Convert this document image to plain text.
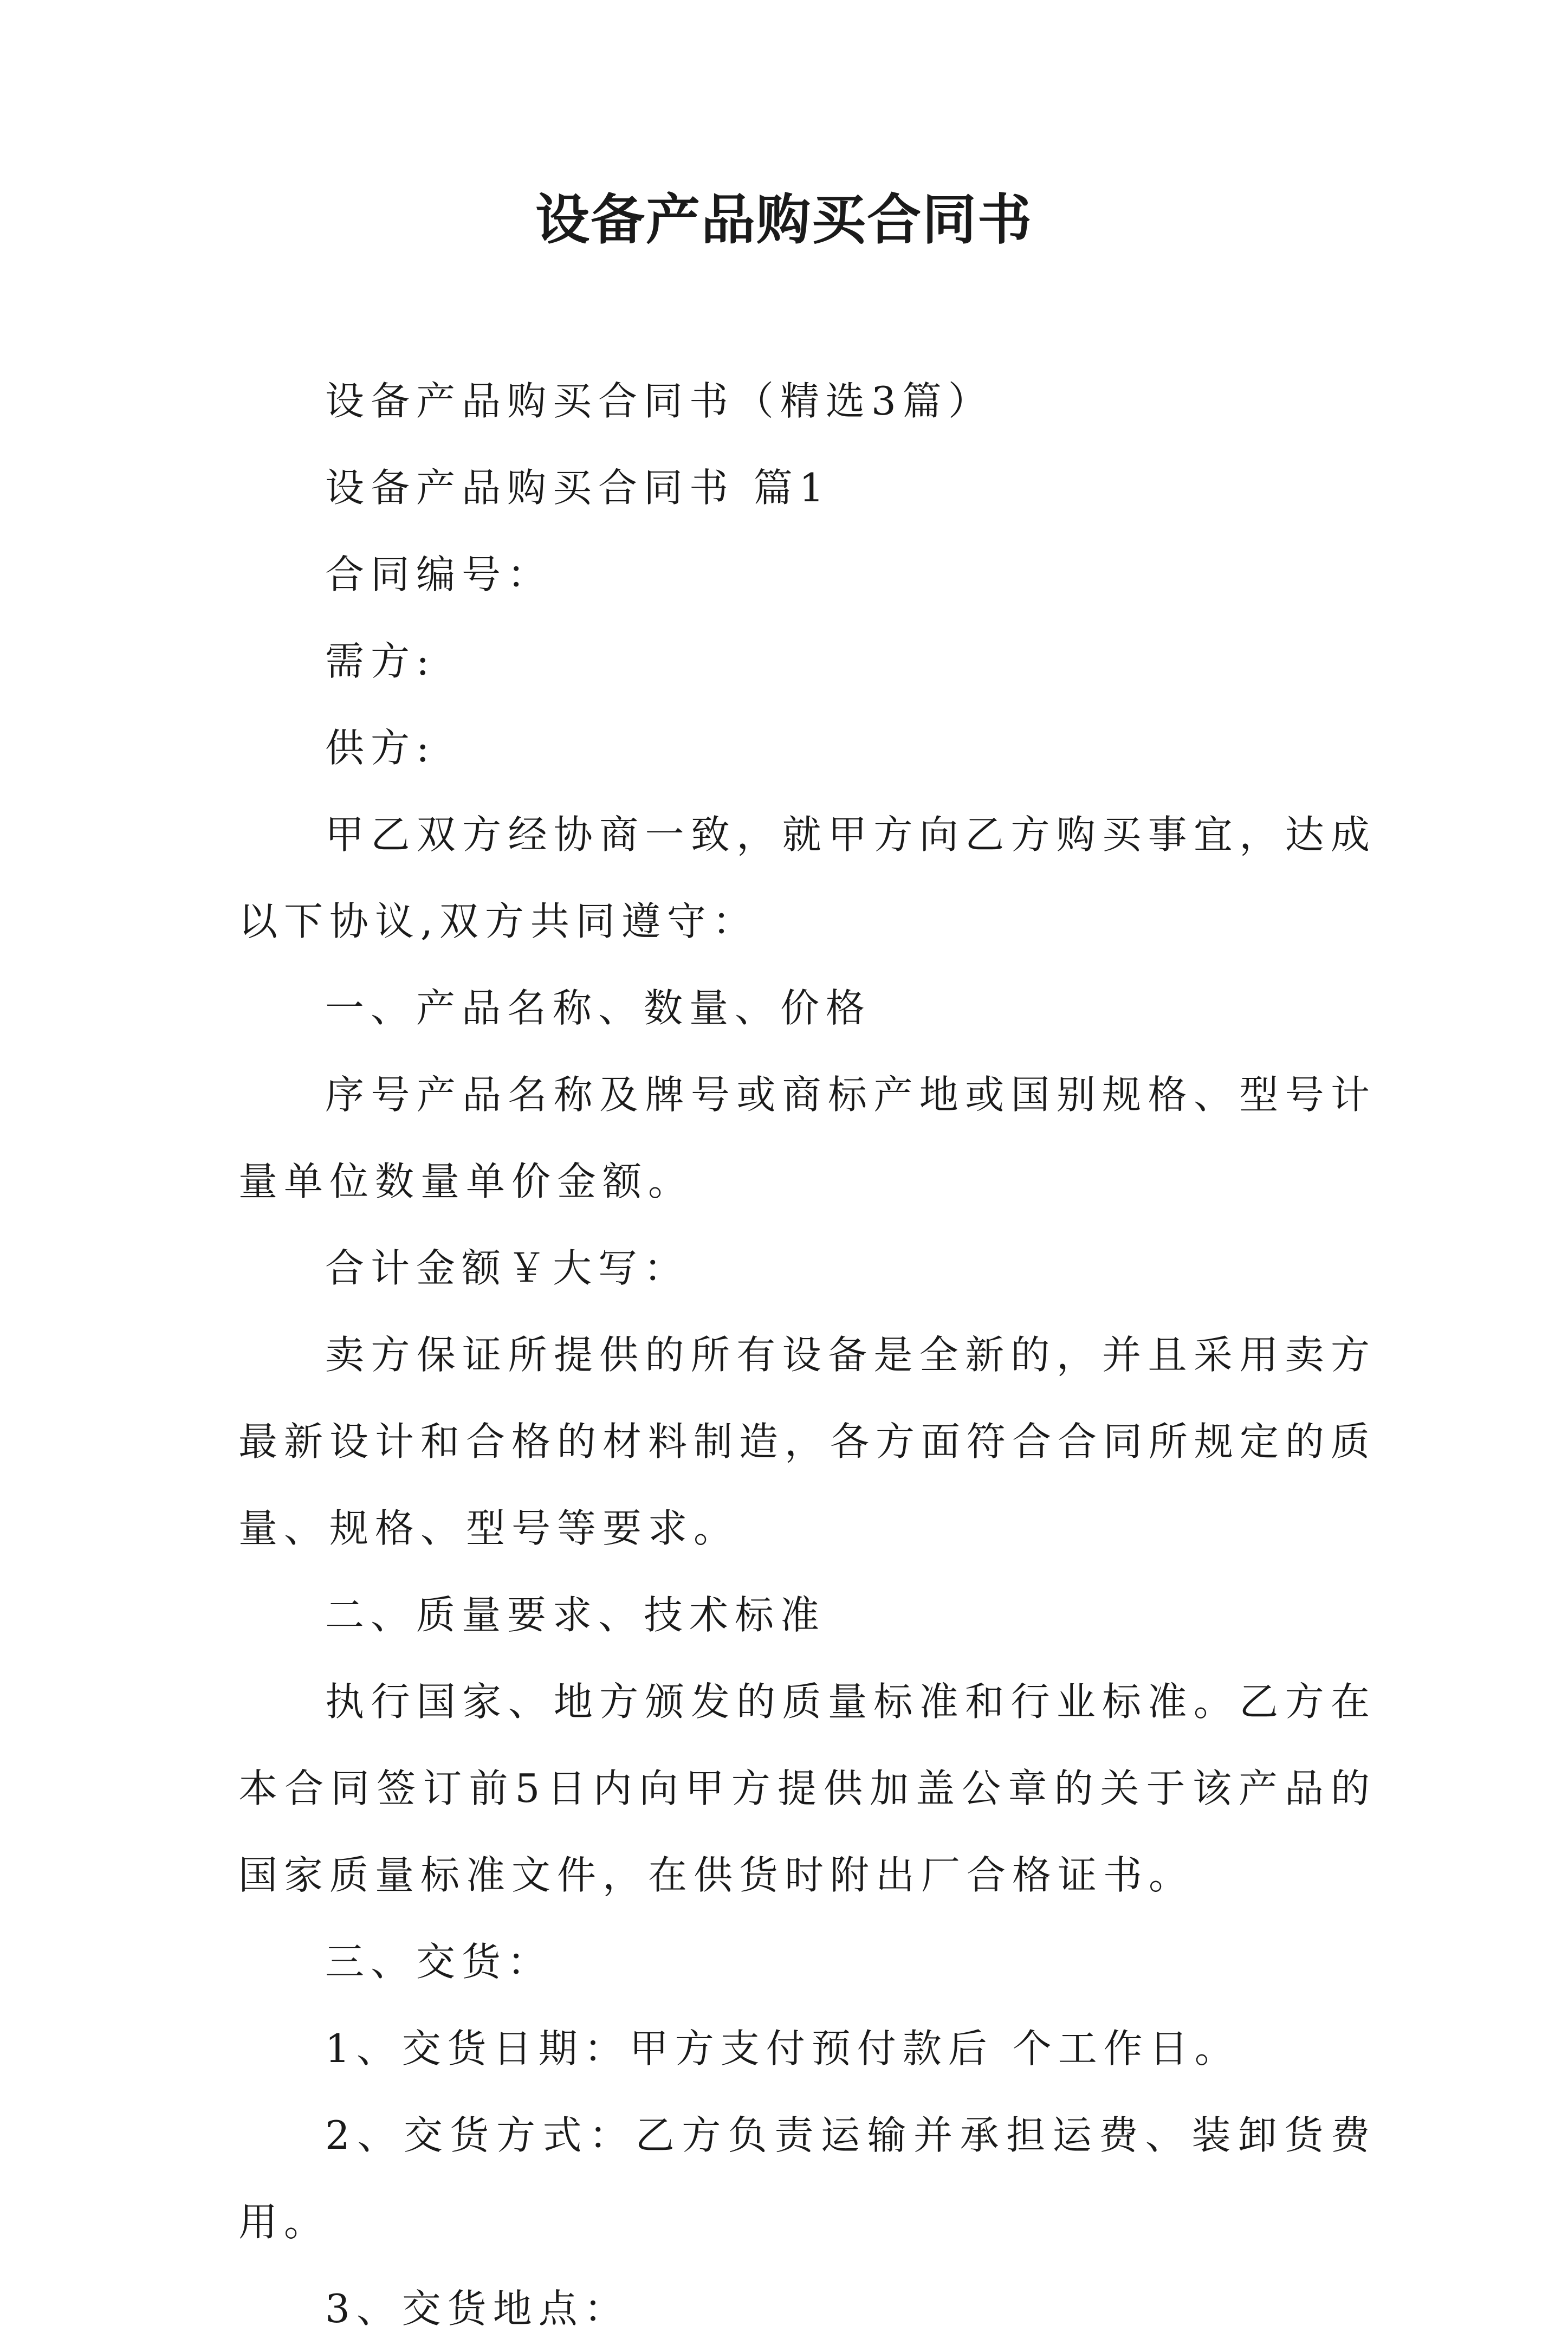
设备产品购买合同书

设备产品购买合同书（精选3篇）

设备产品购买合同书 篇1

合同编号：

需方:

供方:

甲乙双方经协商一致，就甲方向乙方购买事宜，达成以下协议,双方共同遵守：

一、产品名称、数量、价格

序号产品名称及牌号或商标产地或国别规格、型号计量单位数量单价金额。

合计金额￥大写：

卖方保证所提供的所有设备是全新的，并且采用卖方最新设计和合格的材料制造，各方面符合合同所规定的质量、规格、型号等要求。

二、质量要求、技术标准

执行国家、地方颁发的质量标准和行业标准。乙方在本合同签订前5日内向甲方提供加盖公章的关于该产品的国家质量标准文件，在供货时附出厂合格证书。

三、交货：

1、交货日期：甲方支付预付款后 个工作日。

2、交货方式：乙方负责运输并承担运费、装卸货费用。

3、交货地点：
